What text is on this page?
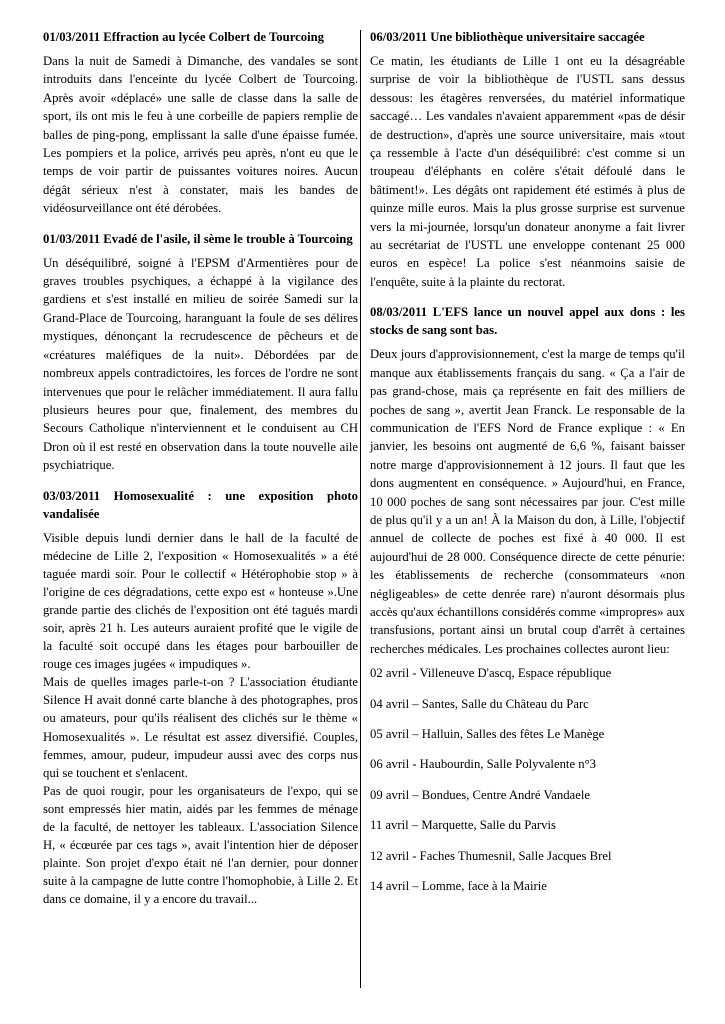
01/03/2011 Effraction au lycée Colbert de Tourcoing

Dans la nuit de Samedi à Dimanche, des vandales se sont introduits dans l'enceinte du lycée Colbert de Tourcoing. Après avoir «déplacé» une salle de classe dans la salle de sport, ils ont mis le feu à une corbeille de papiers remplie de balles de ping-pong, emplissant la salle d'une épaisse fumée. Les pompiers et la police, arrivés peu après, n'ont eu que le temps de voir partir de puissantes voitures noires. Aucun dégât sérieux n'est à constater, mais les bandes de vidéosurveillance ont été dérobées.

01/03/2011 Evadé de l'asile, il sème le trouble à Tourcoing

Un déséquilibré, soigné à l'EPSM d'Armentières pour de graves troubles psychiques, a échappé à la vigilance des gardiens et s'est installé en milieu de soirée Samedi sur la Grand-Place de Tourcoing, haranguant la foule de ses délires mystiques, dénonçant la recrudescence de pêcheurs et de «créatures maléfiques de la nuit». Débordées par de nombreux appels contradictoires, les forces de l'ordre ne sont intervenues que pour le relâcher immédiatement. Il aura fallu plusieurs heures pour que, finalement, des membres du Secours Catholique n'interviennent et le conduisent au CH Dron où il est resté en observation dans la toute nouvelle aile psychiatrique.

03/03/2011 Homosexualité : une exposition photo vandalisée

Visible depuis lundi dernier dans le hall de la faculté de médecine de Lille 2, l'exposition « Homosexualités » a été taguée mardi soir. Pour le collectif « Hétérophobie stop » à l'origine de ces dégradations, cette expo est « honteuse ».Une grande partie des clichés de l'exposition ont été tagués mardi soir, après 21 h. Les auteurs auraient profité que le vigile de la faculté soit occupé dans les étages pour barbouiller de rouge ces images jugées « impudiques ».

Mais de quelles images parle-t-on ? L'association étudiante Silence H avait donné carte blanche à des photographes, pros ou amateurs, pour qu'ils réalisent des clichés sur le thème « Homosexualités ». Le résultat est assez diversifié. Couples, femmes, amour, pudeur, impudeur aussi avec des corps nus qui se touchent et s'enlacent.

Pas de quoi rougir, pour les organisateurs de l'expo, qui se sont empressés hier matin, aidés par les femmes de ménage de la faculté, de nettoyer les tableaux. L'association Silence H, « écœurée par ces tags », avait l'intention hier de déposer plainte. Son projet d'expo était né l'an dernier, pour donner suite à la campagne de lutte contre l'homophobie, à Lille 2. Et dans ce domaine, il y a encore du travail...

06/03/2011 Une bibliothèque universitaire saccagée

Ce matin, les étudiants de Lille 1 ont eu la désagréable surprise de voir la bibliothèque de l'USTL sans dessus dessous: les étagères renversées, du matériel informatique saccagé… Les vandales n'avaient apparemment «pas de désir de destruction», d'après une source universitaire, mais «tout ça ressemble à l'acte d'un déséquilibré: c'est comme si un troupeau d'éléphants en colère s'était défoulé dans le bâtiment!». Les dégâts ont rapidement été estimés à plus de quinze mille euros. Mais la plus grosse surprise est survenue vers la mi-journée, lorsqu'un donateur anonyme a fait livrer au secrétariat de l'USTL une enveloppe contenant 25 000 euros en espèce! La police s'est néanmoins saisie de l'enquête, suite à la plainte du rectorat.

08/03/2011 L'EFS lance un nouvel appel aux dons : les stocks de sang sont bas.

Deux jours d'approvisionnement, c'est la marge de temps qu'il manque aux établissements français du sang. « Ça a l'air de pas grand-chose, mais ça représente en fait des milliers de poches de sang », avertit Jean Franck. Le responsable de la communication de l'EFS Nord de France explique : « En janvier, les besoins ont augmenté de 6,6 %, faisant baisser notre marge d'approvisionnement à 12 jours. Il faut que les dons augmentent en conséquence. » Aujourd'hui, en France, 10 000 poches de sang sont nécessaires par jour. C'est mille de plus qu'il y a un an! À la Maison du don, à Lille, l'objectif annuel de collecte de poches est fixé à 40 000. Il est aujourd'hui de 28 000. Conséquence directe de cette pénurie: les établissements de recherche (consommateurs «non négligeables» de cette denrée rare) n'auront désormais plus accès qu'aux échantillons considérés comme «impropres» aux transfusions, portant ainsi un brutal coup d'arrêt à certaines recherches médicales. Les prochaines collectes auront lieu:

02 avril - Villeneuve D'ascq, Espace république
04 avril – Santes, Salle du Château du Parc
05 avril – Halluin, Salles des fêtes Le Manège
06 avril - Haubourdin, Salle Polyvalente n°3
09 avril – Bondues, Centre André Vandaele
11 avril – Marquette, Salle du Parvis
12 avril - Faches Thumesnil, Salle Jacques Brel
14 avril – Lomme, face à la Mairie
